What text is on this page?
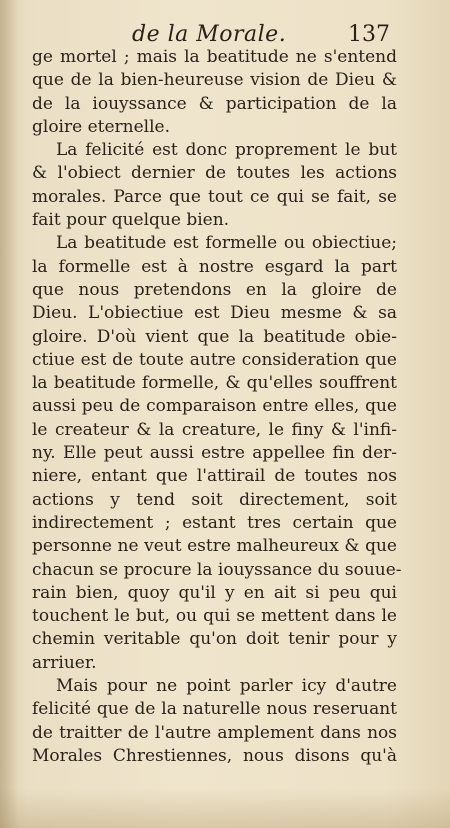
de la Morale.	137
ge mortel ; mais la beatitude ne s'entend
que de la bien-heureuse vision de Dieu &
de la iouyssance & participation de la
gloire eternelle.
La felicité est donc proprement le but
& l'obiect dernier de toutes les actions
morales. Parce que tout ce qui se fait, se
fait pour quelque bien.
La beatitude est formelle ou obiectiue;
la formelle est à nostre esgard la part
que nous pretendons en la gloire de
Dieu. L'obiectiue est Dieu mesme & sa
gloire. D'où vient que la beatitude obie-
ctiue est de toute autre consideration que
la beatitude formelle, & qu'elles souffrent
aussi peu de comparaison entre elles, que
le createur & la creature, le finy & l'infi-
ny. Elle peut aussi estre appellee fin der-
niere, entant que l'attirail de toutes nos
actions y tend soit directement, soit
indirectement ; estant tres certain que
personne ne veut estre malheureux & que
chacun se procure la iouyssance du souue-
rain bien, quoy qu'il y en ait si peu qui
touchent le but, ou qui se mettent dans le
chemin veritable qu'on doit tenir pour y
arriuer.
Mais pour ne point parler icy d'autre
felicité que de la naturelle nous reseruant
de traitter de l'autre amplement dans nos
Morales Chrestiennes, nous disons qu'à
